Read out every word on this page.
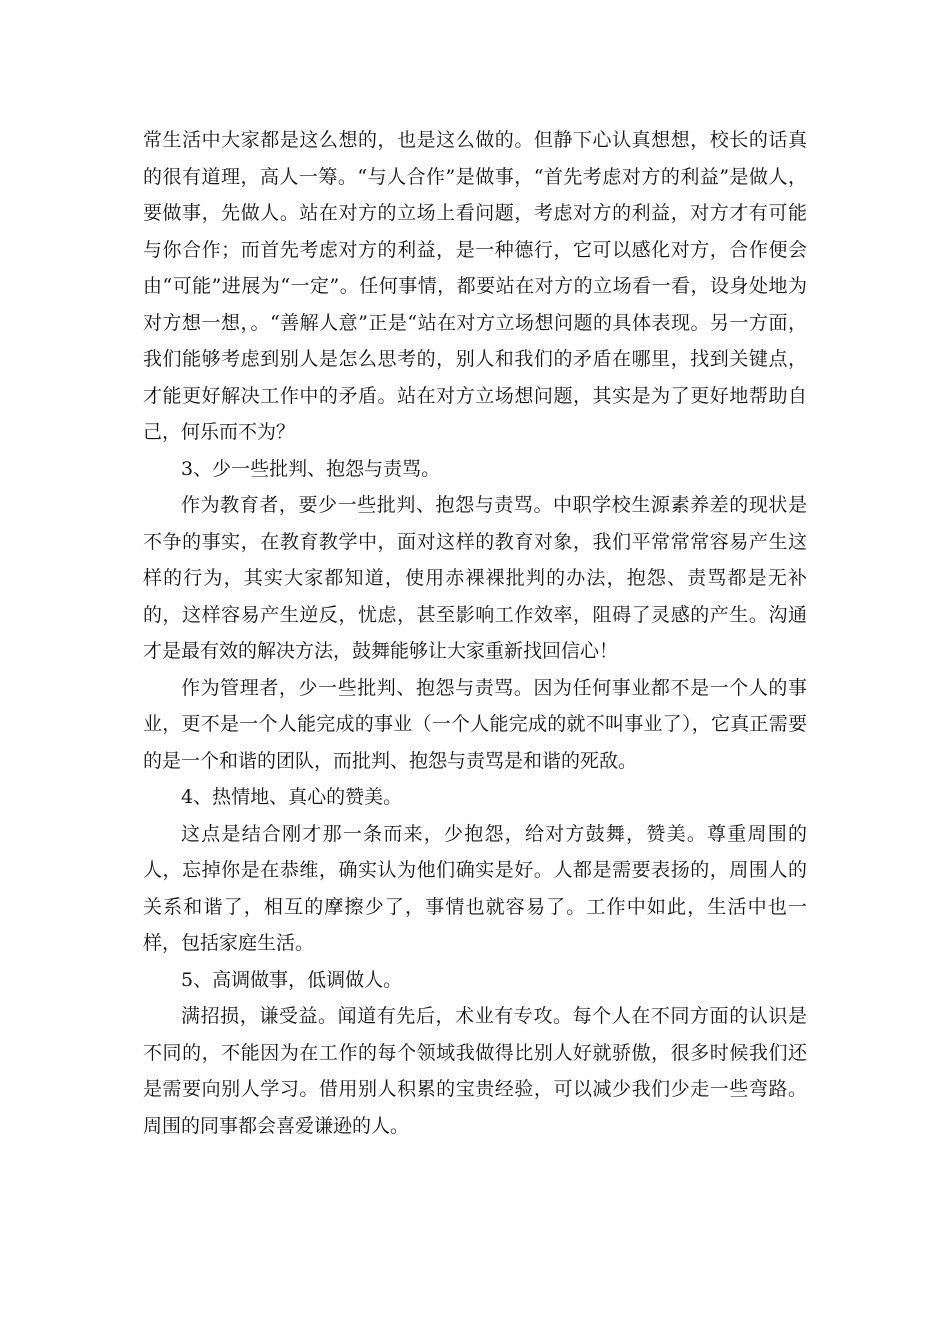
常生活中大家都是这么想的，也是这么做的。但静下心认真想想，校长的话真的很有道理，高人一筹。“与人合作”是做事，“首先考虑对方的利益”是做人，要做事，先做人。站在对方的立场上看问题，考虑对方的利益，对方才有可能与你合作；而首先考虑对方的利益，是一种德行，它可以感化对方，合作便会由“可能”进展为“一定”。任何事情，都要站在对方的立场看一看，设身处地为对方想一想，。“善解人意”正是“站在对方立场想问题的具体表现。另一方面，我们能够考虑到别人是怎么思考的，别人和我们的矛盾在哪里，找到关键点，才能更好解决工作中的矛盾。站在对方立场想问题，其实是为了更好地帮助自己，何乐而不为？

3、少一些批判、抱怨与责骂。

作为教育者，要少一些批判、抱怨与责骂。中职学校生源素养差的现状是不争的事实，在教育教学中，面对这样的教育对象，我们平常常常容易产生这样的行为，其实大家都知道，使用赤裸裸批判的办法，抱怨、责骂都是无补的，这样容易产生逆反，忧虑，甚至影响工作效率，阻碍了灵感的产生。沟通才是最有效的解决方法，鼓舞能够让大家重新找回信心！

作为管理者，少一些批判、抱怨与责骂。因为任何事业都不是一个人的事业，更不是一个人能完成的事业（一个人能完成的就不叫事业了），它真正需要的是一个和谐的团队，而批判、抱怨与责骂是和谐的死敌。

4、热情地、真心的赞美。

这点是结合刚才那一条而来，少抱怨，给对方鼓舞，赞美。尊重周围的人，忘掉你是在恭维，确实认为他们确实是好。人都是需要表扬的，周围人的关系和谐了，相互的摩擦少了，事情也就容易了。工作中如此，生活中也一样，包括家庭生活。

5、高调做事，低调做人。

满招损，谦受益。闻道有先后，术业有专攻。每个人在不同方面的认识是不同的，不能因为在工作的每个领域我做得比别人好就骄傲，很多时候我们还是需要向别人学习。借用别人积累的宝贵经验，可以减少我们少走一些弯路。周围的同事都会喜爱谦逊的人。
